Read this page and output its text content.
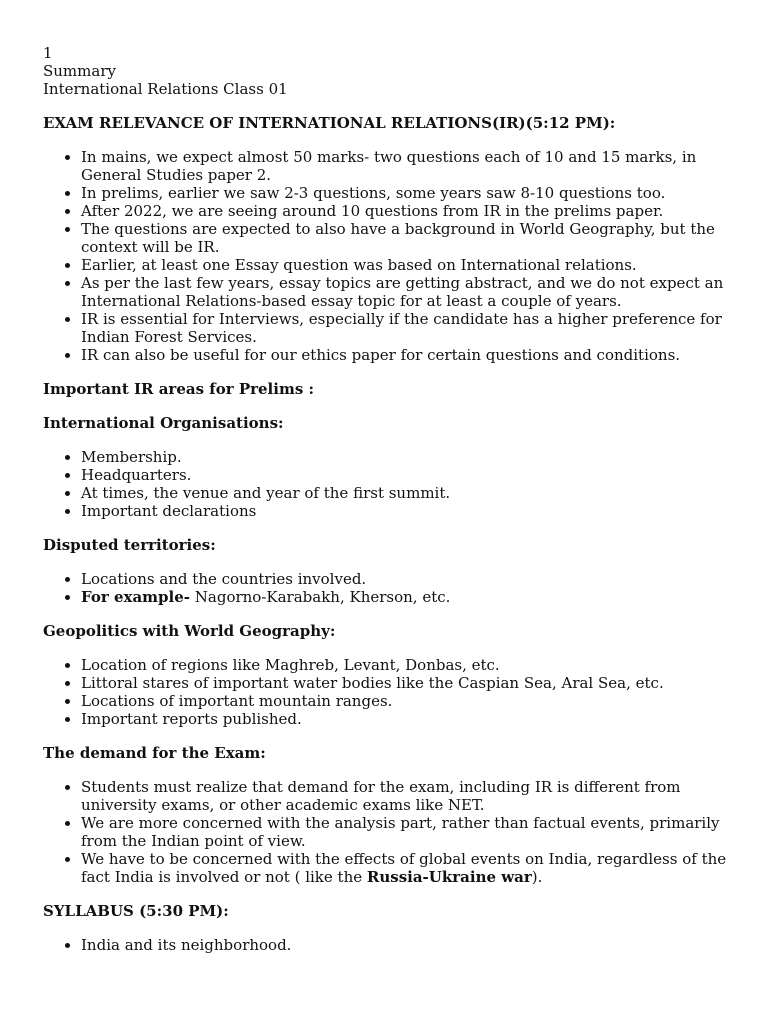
1
Summary
International Relations Class 01
EXAM RELEVANCE OF INTERNATIONAL RELATIONS(IR)(5:12 PM):
• In mains, we expect almost 50 marks- two questions each of 10 and 15 marks, in General Studies paper 2.
• In prelims, earlier we saw 2-3 questions, some years saw 8-10 questions too.
• After 2022, we are seeing around 10 questions from IR in the prelims paper.
• The questions are expected to also have a background in World Geography, but the context will be IR.
• Earlier, at least one Essay question was based on International relations.
• As per the last few years, essay topics are getting abstract, and we do not expect an International Relations-based essay topic for at least a couple of years.
• IR is essential for Interviews, especially if the candidate has a higher preference for Indian Forest Services.
• IR can also be useful for our ethics paper for certain questions and conditions.
Important IR areas for Prelims :
International Organisations:
• Membership.
• Headquarters.
• At times, the venue and year of the first summit.
• Important declarations
Disputed territories:
• Locations and the countries involved.
• For example- Nagorno-Karabakh, Kherson, etc.
Geopolitics with World Geography:
• Location of regions like Maghreb, Levant, Donbas, etc.
• Littoral stares of important water bodies like the Caspian Sea, Aral Sea, etc.
• Locations of important mountain ranges.
• Important reports published.
The demand for the Exam:
• Students must realize that demand for the exam, including IR is different from university exams, or other academic exams like NET.
• We are more concerned with the analysis part, rather than factual events, primarily from the Indian point of view.
• We have to be concerned with the effects of global events on India, regardless of the fact India is involved or not ( like the Russia-Ukraine war).
SYLLABUS (5:30 PM):
• India and its neighborhood.
